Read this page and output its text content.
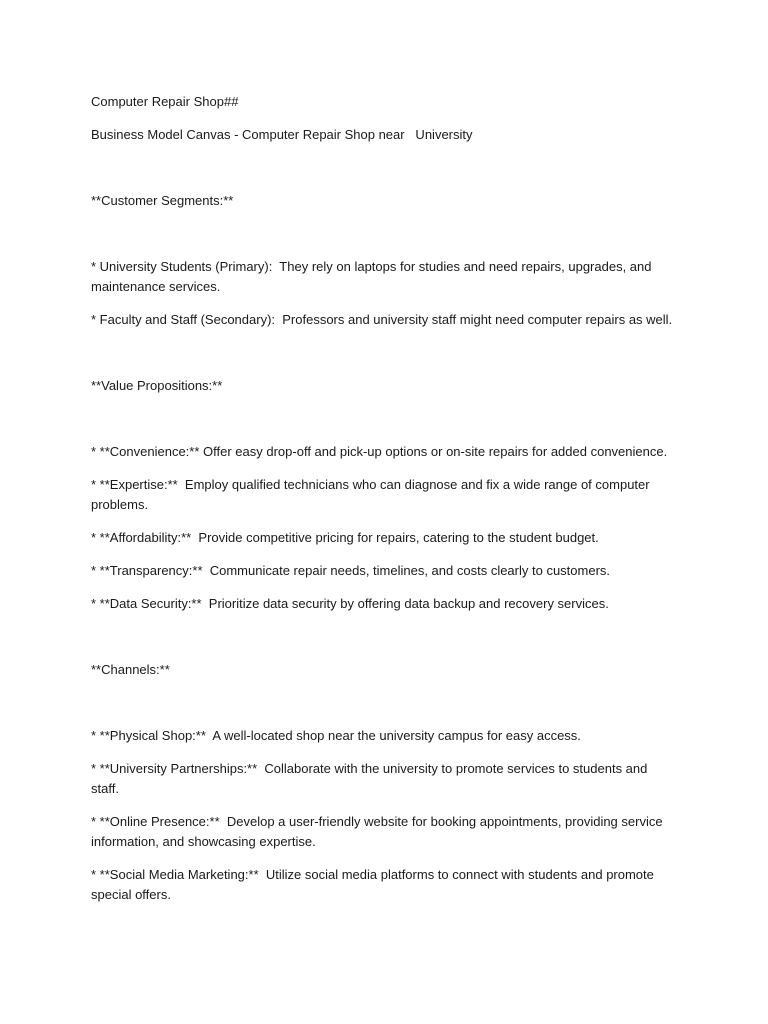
Computer Repair Shop##

Business Model Canvas - Computer Repair Shop near   University

**Customer Segments:**

* University Students (Primary):  They rely on laptops for studies and need repairs, upgrades, and maintenance services.

* Faculty and Staff (Secondary):  Professors and university staff might need computer repairs as well.

**Value Propositions:**

* **Convenience:** Offer easy drop-off and pick-up options or on-site repairs for added convenience.

* **Expertise:**  Employ qualified technicians who can diagnose and fix a wide range of computer problems.

* **Affordability:**  Provide competitive pricing for repairs, catering to the student budget.

* **Transparency:**  Communicate repair needs, timelines, and costs clearly to customers.

* **Data Security:**  Prioritize data security by offering data backup and recovery services.

**Channels:**

* **Physical Shop:**  A well-located shop near the university campus for easy access.

* **University Partnerships:**  Collaborate with the university to promote services to students and staff.

* **Online Presence:**  Develop a user-friendly website for booking appointments, providing service information, and showcasing expertise.

* **Social Media Marketing:**  Utilize social media platforms to connect with students and promote special offers.
